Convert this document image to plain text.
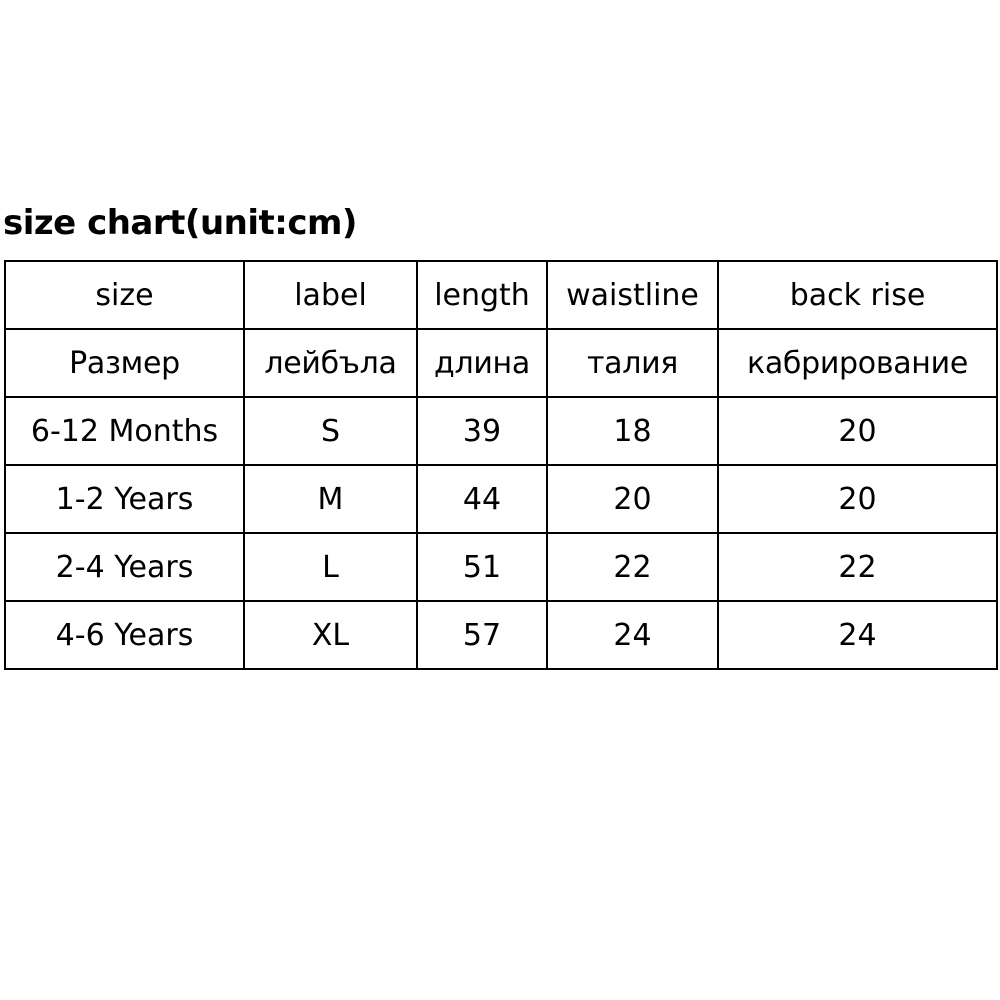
size chart(unit:cm)
size	label	length	waistline	back rise
Размер	лейбъла	длина	талия	кабрирование
6-12 Months	S	39	18	20
1-2 Years	M	44	20	20
2-4 Years	L	51	22	22
4-6 Years	XL	57	24	24
